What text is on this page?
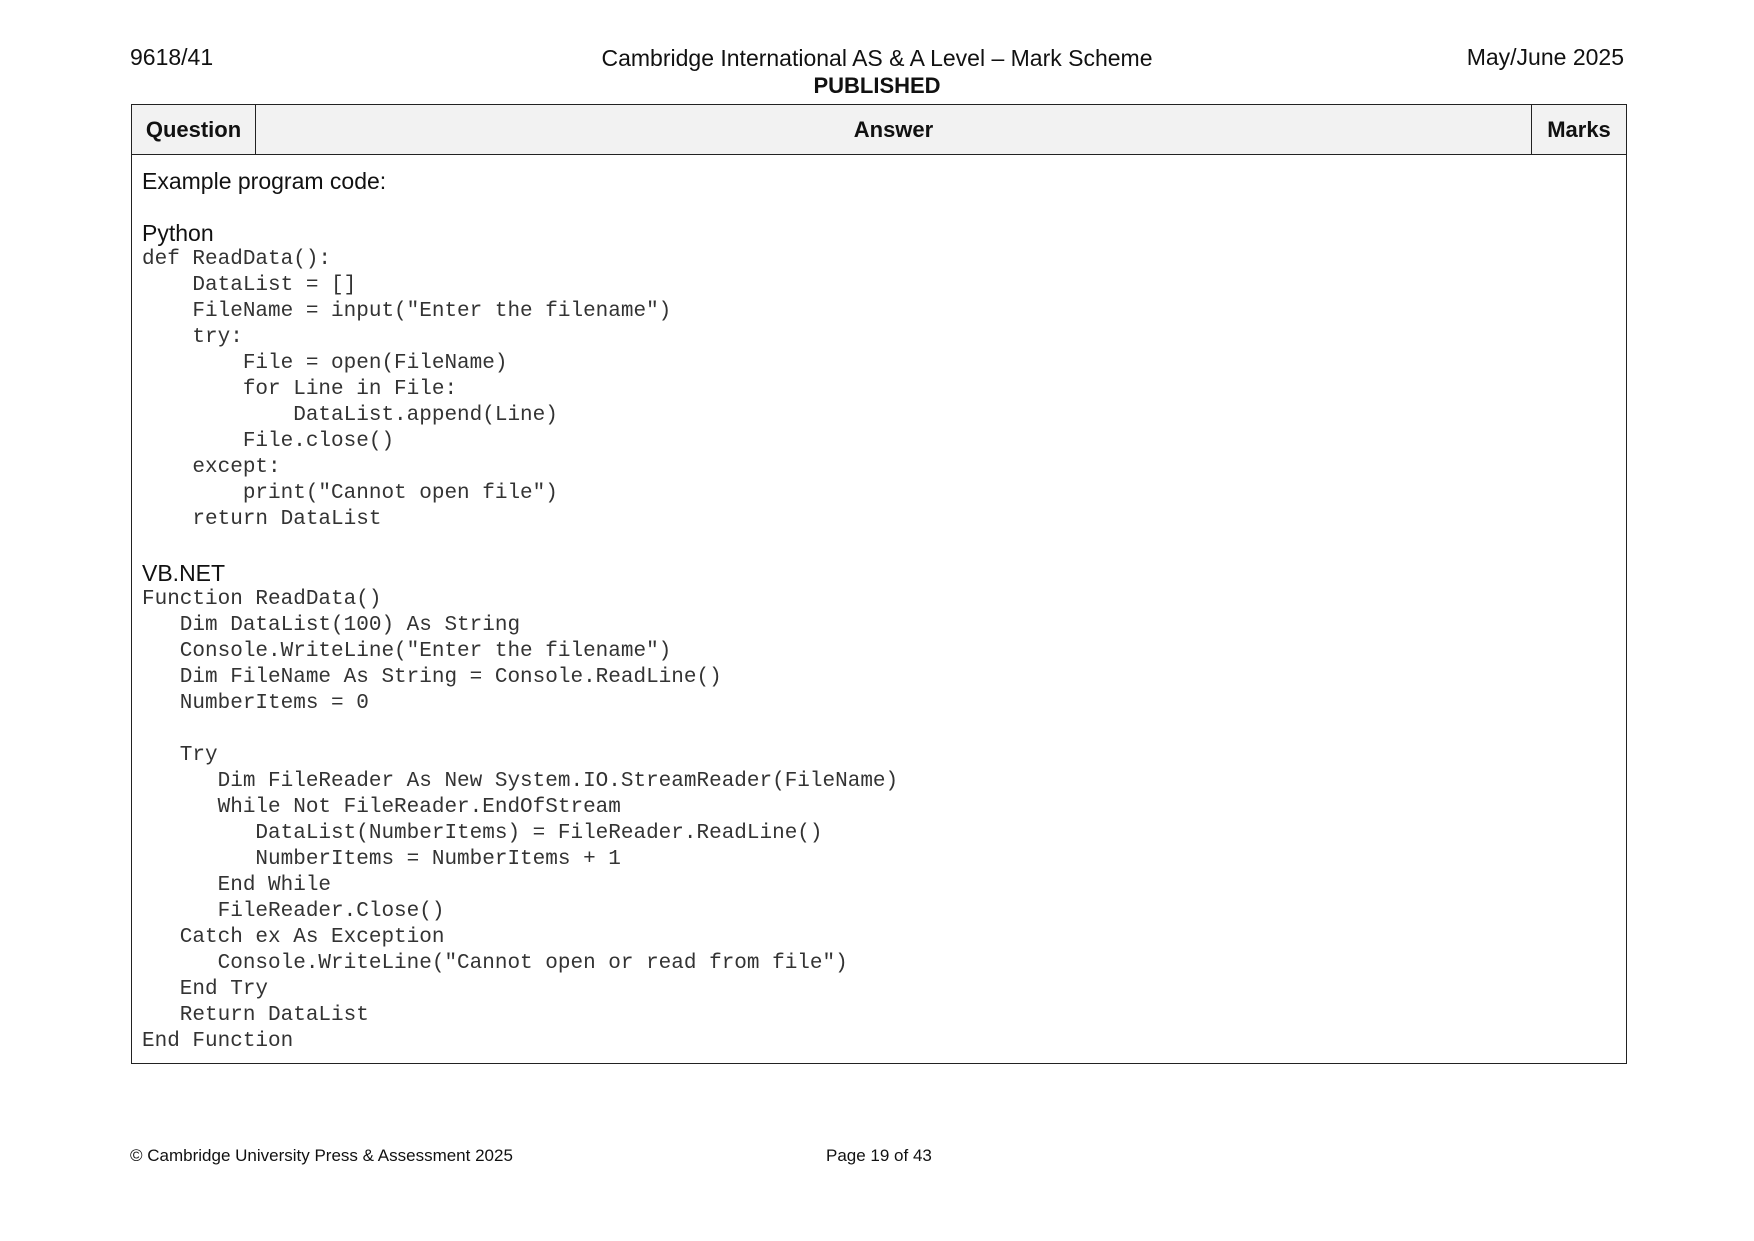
9618/41	Cambridge International AS & A Level – Mark Scheme
PUBLISHED
May/June 2025
Question	Answer	Marks

Example program code:

Python

def ReadData():
DataList = []
FileName = input("Enter the filename")
try:
File = open(FileName)
for Line in File:
DataList.append(Line)
File.close()
except:
print("Cannot open file")
return DataList

VB.NET

Function ReadData()
Dim DataList(100) As String
Console.WriteLine("Enter the filename")
Dim FileName As String = Console.ReadLine()
NumberItems = 0

Try
Dim FileReader As New System.IO.StreamReader(FileName)
While Not FileReader.EndOfStream
DataList(NumberItems) = FileReader.ReadLine()
NumberItems = NumberItems + 1
End While
FileReader.Close()
Catch ex As Exception
Console.WriteLine("Cannot open or read from file")
End Try
Return DataList
End Function
© Cambridge University Press & Assessment 2025	Page 19 of 43
